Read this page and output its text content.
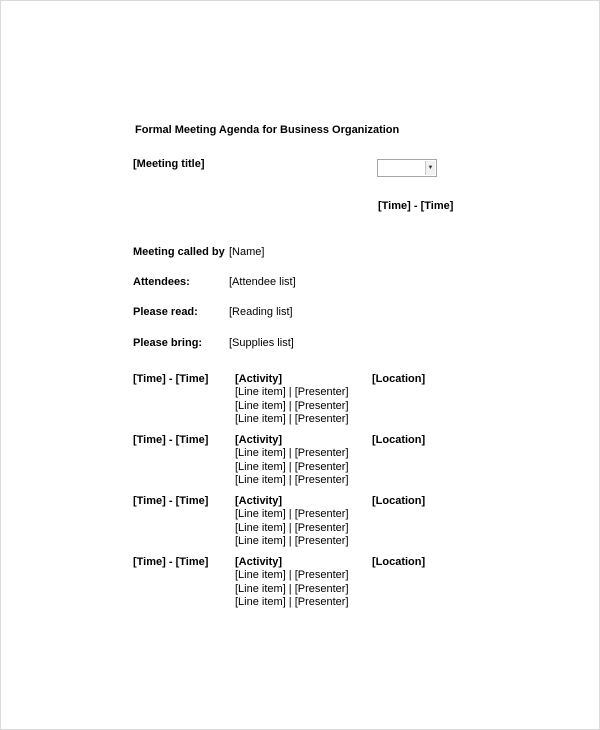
Formal Meeting Agenda for Business Organization
[Meeting title]	▼
[Time] - [Time]
Meeting called by [Name]
Attendees:	[Attendee list]
Please read:	[Reading list]
Please bring: [Supplies list]
[Time] - [Time] [Activity]	[Location]
[Line item] | [Presenter]
[Line item] | [Presenter]
[Line item] | [Presenter]
[Time] - [Time] [Activity]	[Location]
[Line item] | [Presenter]
[Line item] | [Presenter]
[Line item] | [Presenter]
[Time] - [Time] [Activity]	[Location]
[Line item] | [Presenter]
[Line item] | [Presenter]
[Line item] | [Presenter]
[Time] - [Time] [Activity]	[Location]
[Line item] | [Presenter]
[Line item] | [Presenter]
[Line item] | [Presenter]
